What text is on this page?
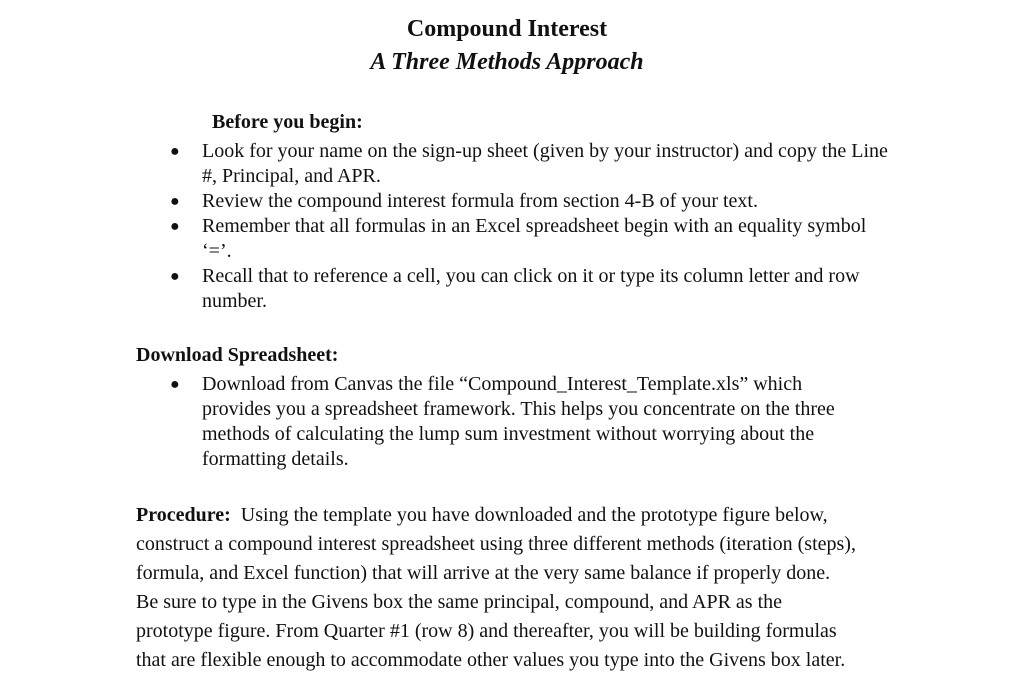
Compound Interest
A Three Methods Approach
Before you begin:
● Look for your name on the sign-up sheet (given by your instructor) and copy the Line #, Principal, and APR.
● Review the compound interest formula from section 4-B of your text.
● Remember that all formulas in an Excel spreadsheet begin with an equality symbol ‘=’.
● Recall that to reference a cell, you can click on it or type its column letter and row number.
Download Spreadsheet:
● Download from Canvas the file “Compound_Interest_Template.xls” which provides you a spreadsheet framework. This helps you concentrate on the three methods of calculating the lump sum investment without worrying about the formatting details.

Procedure: Using the template you have downloaded and the prototype figure below, construct a compound interest spreadsheet using three different methods (iteration (steps), formula, and Excel function) that will arrive at the very same balance if properly done. Be sure to type in the Givens box the same principal, compound, and APR as the prototype figure. From Quarter #1 (row 8) and thereafter, you will be building formulas that are flexible enough to accommodate other values you type into the Givens box later.
